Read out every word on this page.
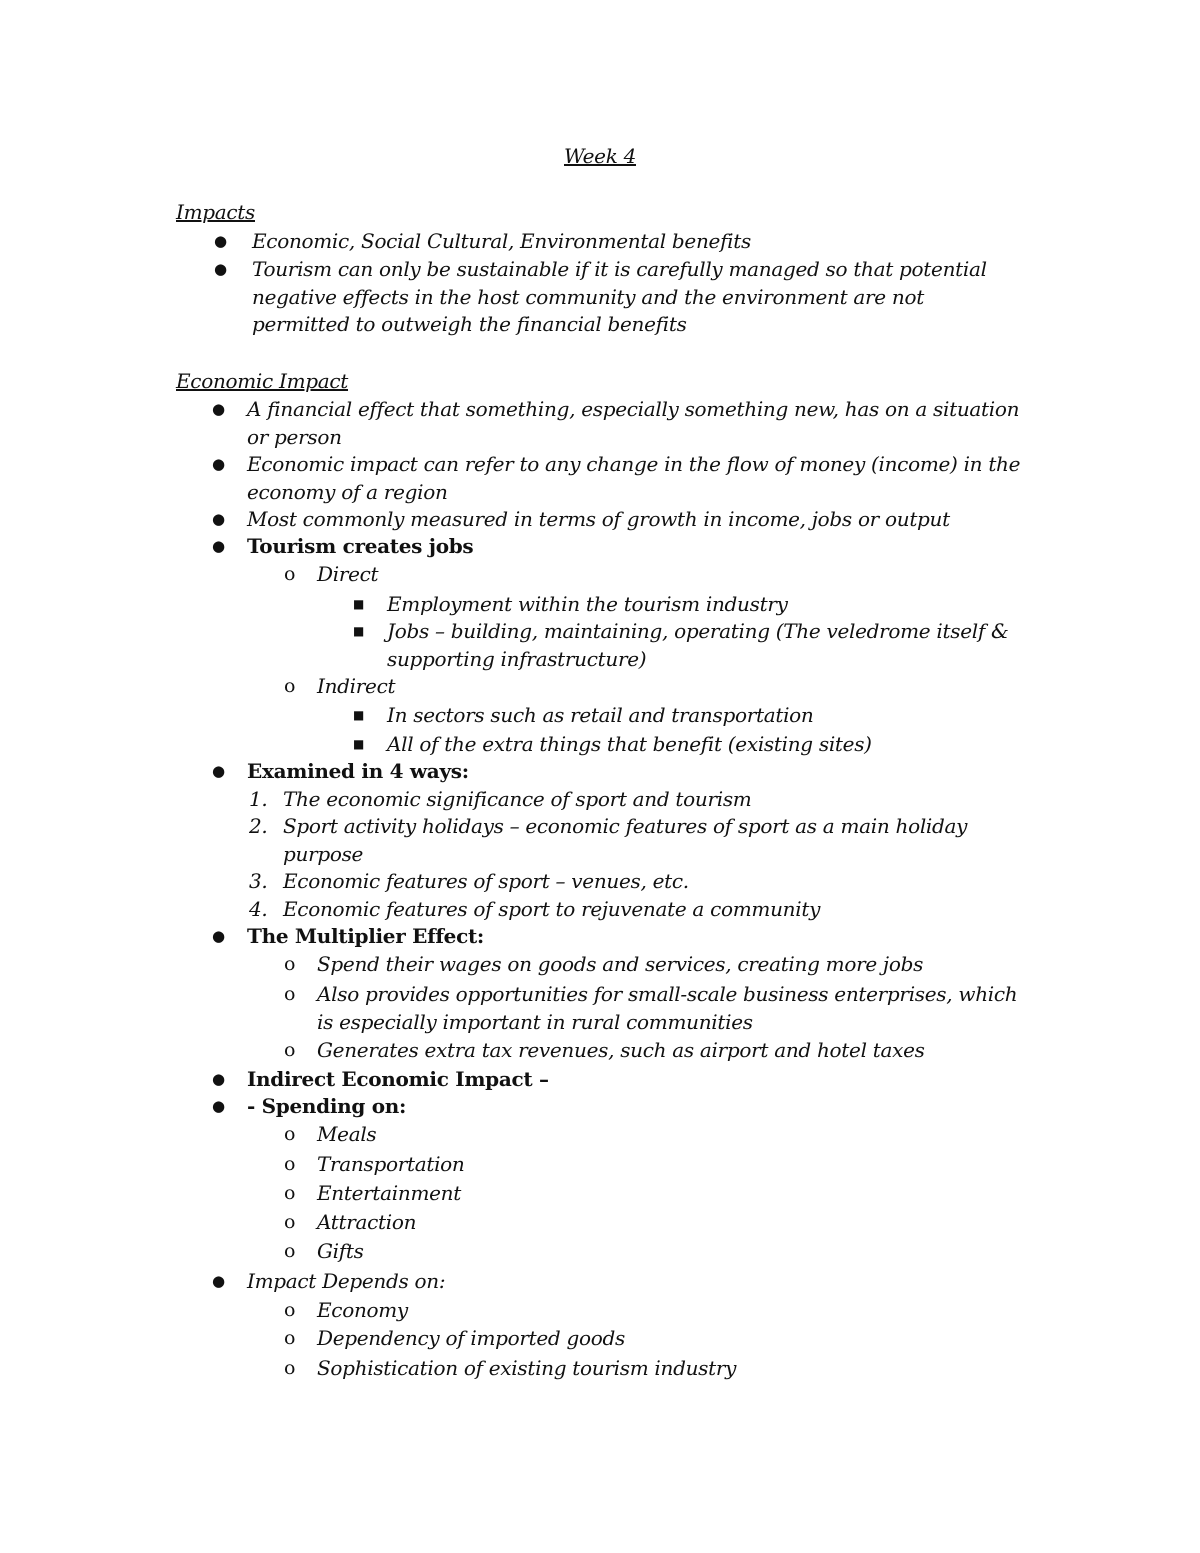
Week 4
Impacts
● Economic, Social Cultural, Environmental benefits
● Tourism can only be sustainable if it is carefully managed so that potential negative effects in the host community and the environment are not permitted to outweigh the financial benefits
Economic Impact
● A financial effect that something, especially something new, has on a situation or person
● Economic impact can refer to any change in the flow of money (income) in the economy of a region
● Most commonly measured in terms of growth in income, jobs or output
● Tourism creates jobs
o Direct
■ Employment within the tourism industry
■ Jobs – building, maintaining, operating (The veledrome itself & supporting infrastructure)
o Indirect
■ In sectors such as retail and transportation
■ All of the extra things that benefit (existing sites)
● Examined in 4 ways:
1. The economic significance of sport and tourism
2. Sport activity holidays – economic features of sport as a main holiday purpose
3. Economic features of sport – venues, etc.
4. Economic features of sport to rejuvenate a community
● The Multiplier Effect:
o Spend their wages on goods and services, creating more jobs
o Also provides opportunities for small-scale business enterprises, which is especially important in rural communities
o Generates extra tax revenues, such as airport and hotel taxes
● Indirect Economic Impact –
● - Spending on:
o Meals
o Transportation
o Entertainment
o Attraction
o Gifts
● Impact Depends on:
o Economy
o Dependency of imported goods
o Sophistication of existing tourism industry
